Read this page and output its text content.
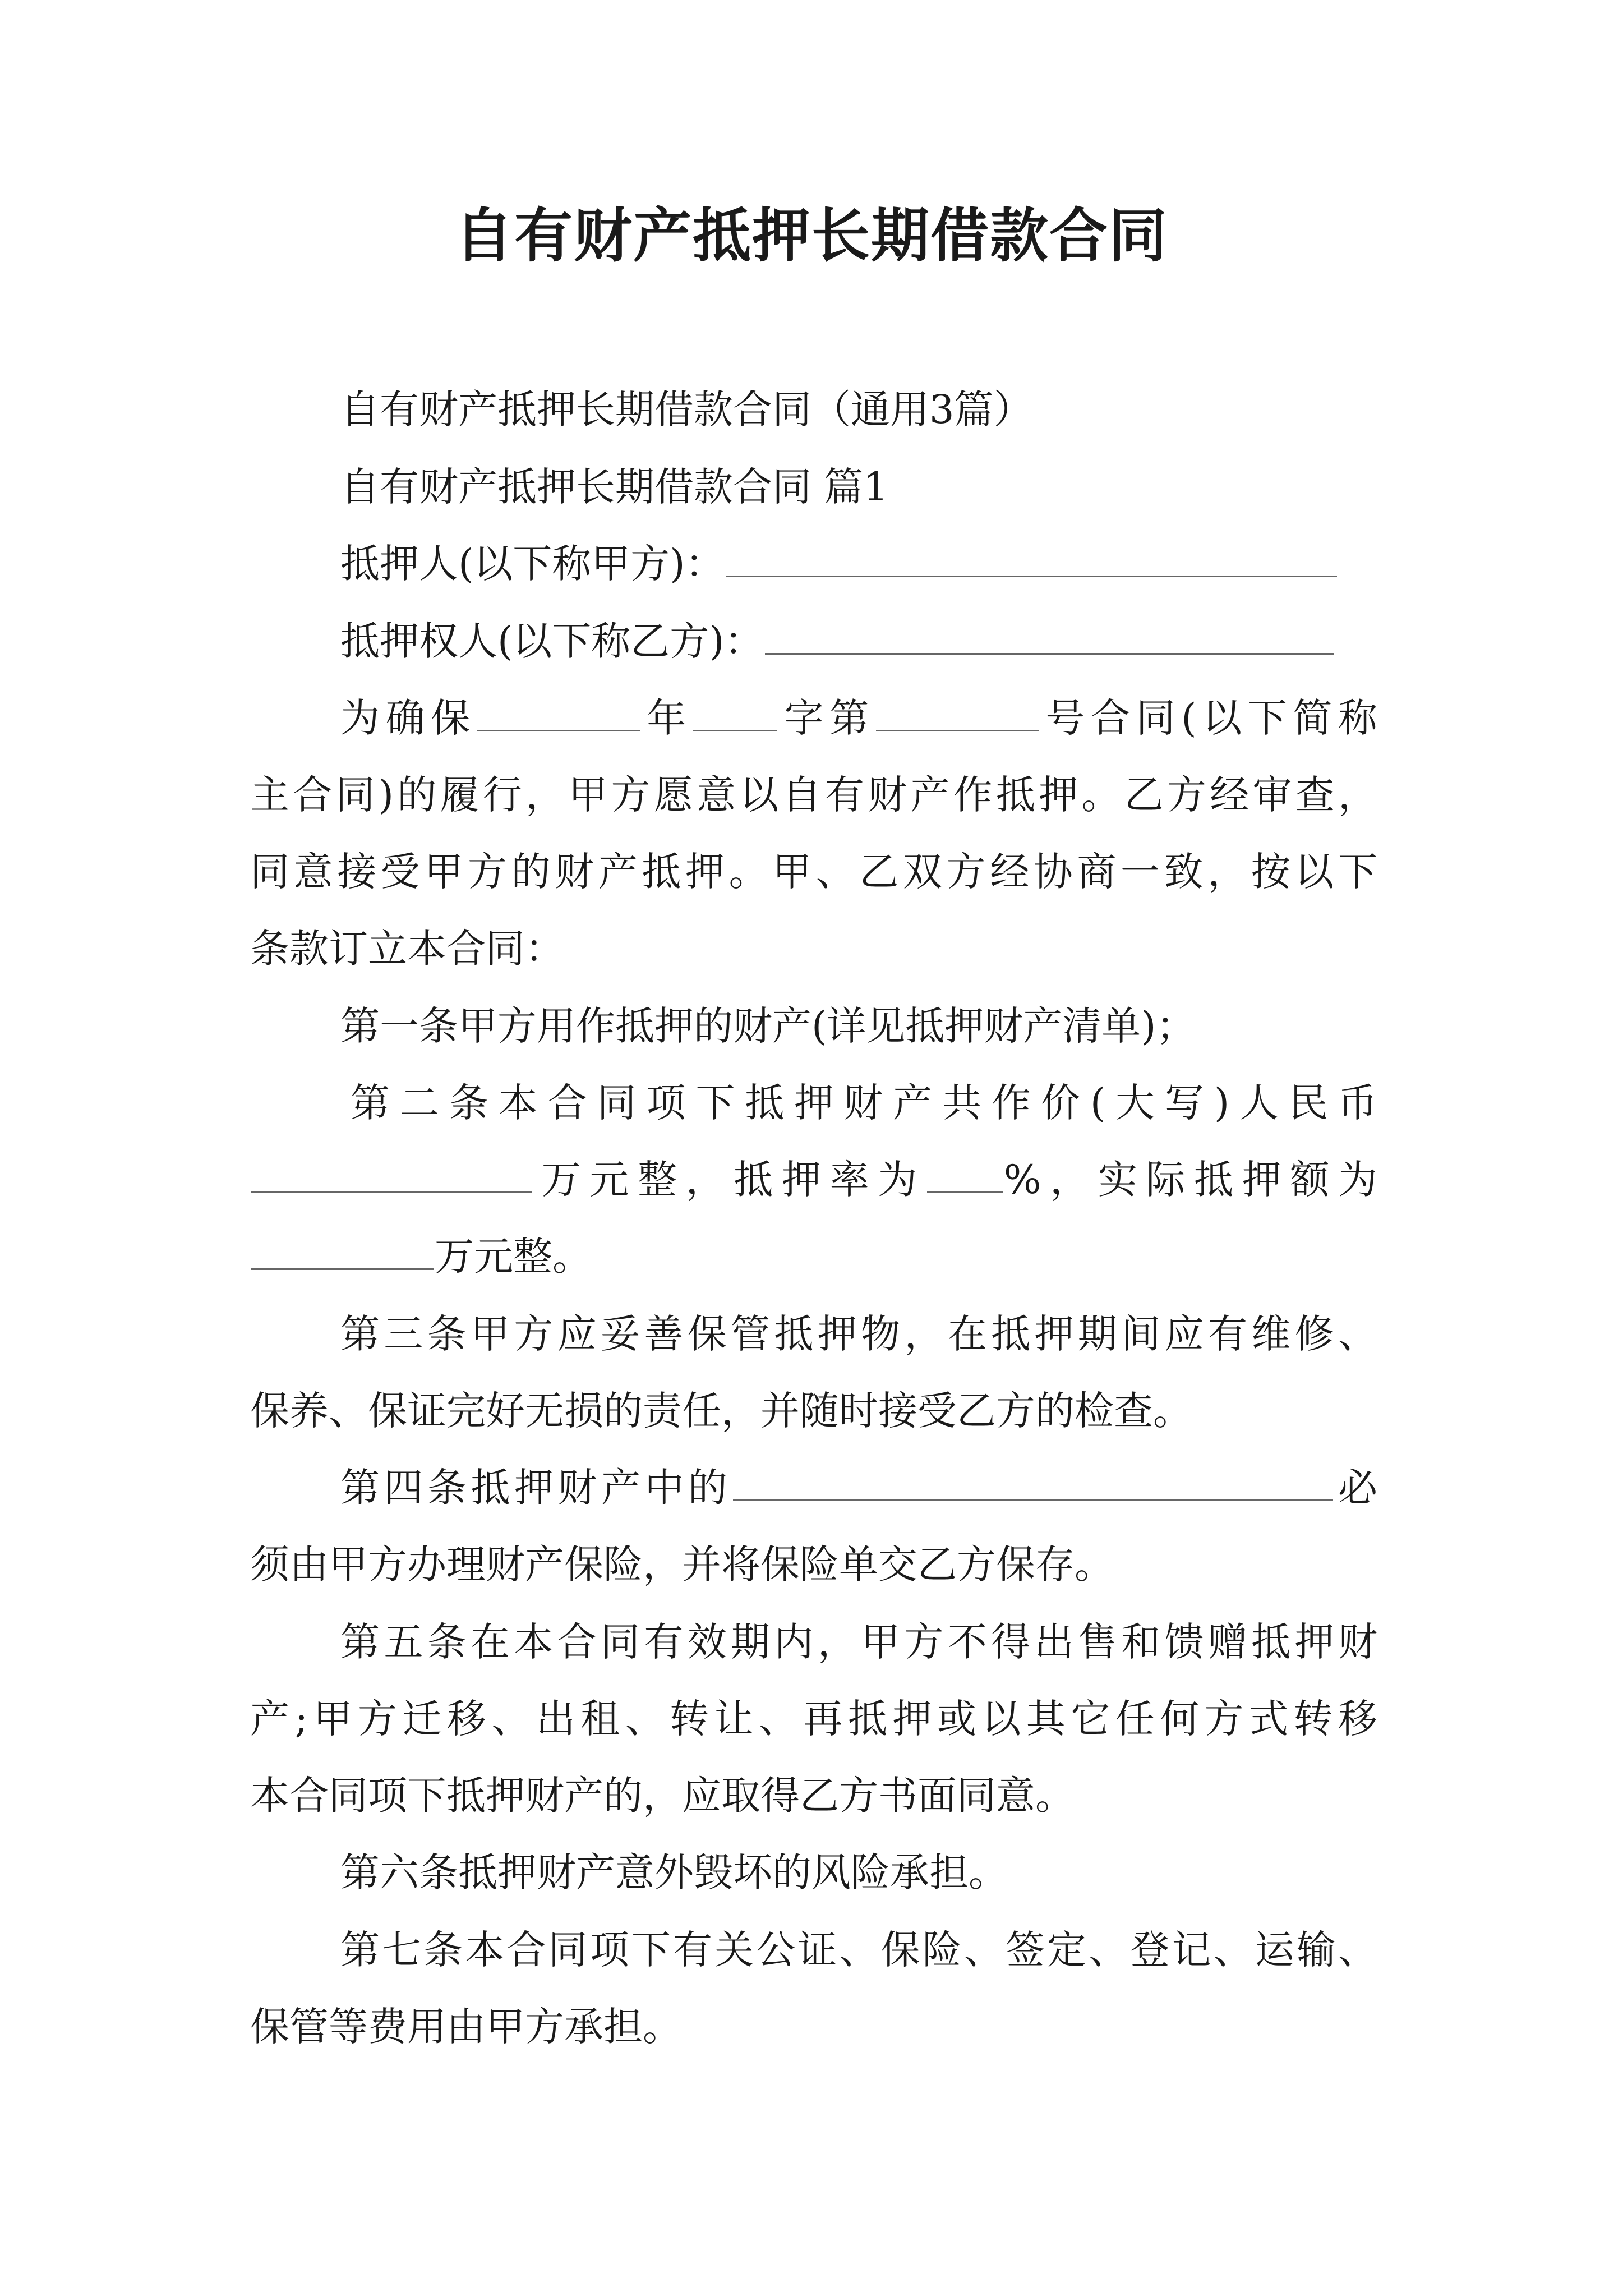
自有财产抵押长期借款合同
自有财产抵押长期借款合同（通用3篇）
自有财产抵押长期借款合同 篇1
抵押人(以下称甲方)：
抵押权人(以下称乙方)：
为确保	年 字第	号合同(以下简称
主合同)的履行，甲方愿意以自有财产作抵押。乙方经审查，
同意接受甲方的财产抵押。甲、乙双方经协商一致，按以下
条款订立本合同：
第一条甲方用作抵押的财产(详见抵押财产清单)；
第二条本合同项下抵押财产共作价(大写)人民币
万元整，抵押率为 %，实际抵押额为
万元整。
第三条甲方应妥善保管抵押物，在抵押期间应有维修、
保养、保证完好无损的责任，并随时接受乙方的检查。
第四条抵押财产中的	必
须由甲方办理财产保险，并将保险单交乙方保存。
第五条在本合同有效期内，甲方不得出售和馈赠抵押财
产;甲方迁移、出租、转让、再抵押或以其它任何方式转移
本合同项下抵押财产的，应取得乙方书面同意。
第六条抵押财产意外毁坏的风险承担。
第七条本合同项下有关公证、保险、签定、登记、运输、
保管等费用由甲方承担。
